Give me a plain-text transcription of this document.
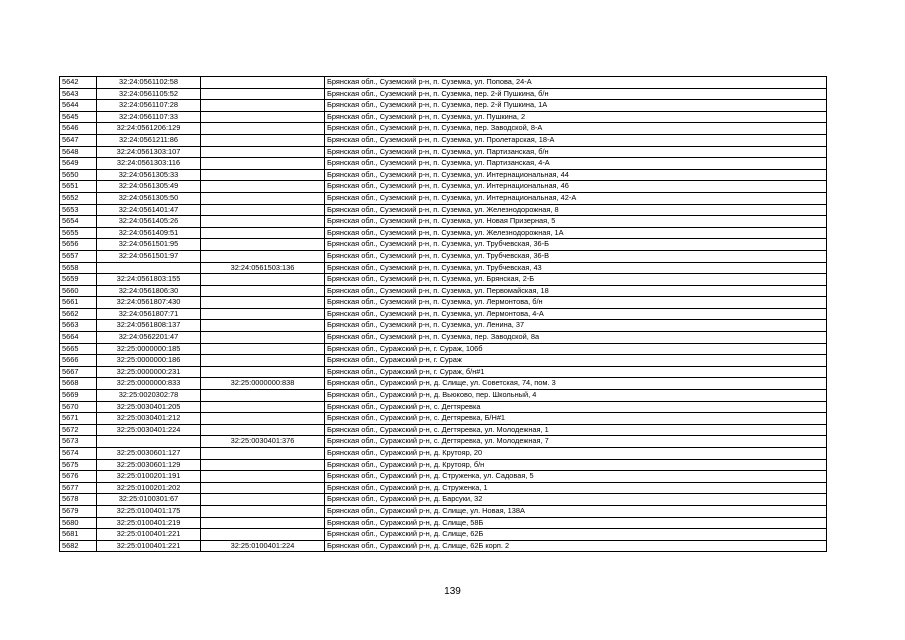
5642	32:24:0561102:58		Брянская обл., Суземский р-н, п. Суземка, ул. Попова, 24-А
5643	32:24:0561105:52		Брянская обл., Суземский р-н, п. Суземка, пер. 2-й Пушкина, б/н
5644	32:24:0561107:28		Брянская обл., Суземский р-н, п. Суземка, пер. 2-й Пушкина, 1А
5645	32:24:0561107:33		Брянская обл., Суземский р-н, п. Суземка, ул. Пушкина, 2
5646	32:24:0561206:129		Брянская обл., Суземский р-н, п. Суземка, пер. Заводской, 8-А
5647	32:24:0561211:86		Брянская обл., Суземский р-н, п. Суземка, ул. Пролетарская, 18-А
5648	32:24:0561303:107		Брянская обл., Суземский р-н, п. Суземка, ул. Партизанская, б/н
5649	32:24:0561303:116		Брянская обл., Суземский р-н, п. Суземка, ул. Партизанская, 4-А
5650	32:24:0561305:33		Брянская обл., Суземский р-н, п. Суземка, ул. Интернациональная, 44
5651	32:24:0561305:49		Брянская обл., Суземский р-н, п. Суземка, ул. Интернациональная, 46
5652	32:24:0561305:50		Брянская обл., Суземский р-н, п. Суземка, ул. Интернациональная, 42-А
5653	32:24:0561401:47		Брянская обл., Суземский р-н, п. Суземка, ул. Железнодорожная, 8
5654	32:24:0561405:26		Брянская обл., Суземский р-н, п. Суземка, ул. Новая Призерная, 5
5655	32:24:0561409:51		Брянская обл., Суземский р-н, п. Суземка, ул. Железнодорожная, 1А
5656	32:24:0561501:95		Брянская обл., Суземский р-н, п. Суземка, ул. Трубчевская, 36-Б
5657	32:24:0561501:97		Брянская обл., Суземский р-н, п. Суземка, ул. Трубчевская, 36-В
5658		32:24:0561503:136	Брянская обл., Суземский р-н, п. Суземка, ул. Трубчевская, 43
5659	32:24:0561803:155		Брянская обл., Суземский р-н, п. Суземка, ул. Брянская, 2-Б
5660	32:24:0561806:30		Брянская обл., Суземский р-н, п. Суземка, ул. Первомайская, 18
5661	32:24:0561807:430		Брянская обл., Суземский р-н, п. Суземка, ул. Лермонтова, б/н
5662	32:24:0561807:71		Брянская обл., Суземский р-н, п. Суземка, ул. Лермонтова, 4-А
5663	32:24:0561808:137		Брянская обл., Суземский р-н, п. Суземка, ул. Ленина, 37
5664	32:24:0562201:47		Брянская обл., Суземский р-н, п. Суземка, пер. Заводской, 8а
5665	32:25:0000000:185		Брянская обл., Суражский р-н, г. Сураж, 106б
5666	32:25:0000000:186		Брянская обл., Суражский р-н, г. Сураж
5667	32:25:0000000:231		Брянская обл., Суражский р-н, г. Сураж, б/н#1
5668	32:25:0000000:833	32:25:0000000:838	Брянская обл., Суражский р-н, д. Слище, ул. Советская, 74, пом. 3
5669	32:25:0020302:78		Брянская обл., Суражский р-н, д. Вьюково, пер. Школьный, 4
5670	32:25:0030401:205		Брянская обл., Суражский р-н, с. Дегтяревка
5671	32:25:0030401:212		Брянская обл., Суражский р-н, с. Дегтяревка, Б/Н#1
5672	32:25:0030401:224		Брянская обл., Суражский р-н, с. Дегтяревка, ул. Молодежная, 1
5673		32:25:0030401:376	Брянская обл., Суражский р-н, с. Дегтяревка, ул. Молодежная, 7
5674	32:25:0030601:127		Брянская обл., Суражский р-н, д. Крутояр, 20
5675	32:25:0030601:129		Брянская обл., Суражский р-н, д. Крутояр, б/н
5676	32:25:0100201:191		Брянская обл., Суражский р-н, д. Струженка, ул. Садовая, 5
5677	32:25:0100201:202		Брянская обл., Суражский р-н, д. Струженка, 1
5678	32:25:0100301:67		Брянская обл., Суражский р-н, д. Барсуки, 32
5679	32:25:0100401:175		Брянская обл., Суражский р-н, д. Слище, ул. Новая, 138А
5680	32:25:0100401:219		Брянская обл., Суражский р-н, д. Слище, 58Б
5681	32:25:0100401:221		Брянская обл., Суражский р-н, д. Слище, 62Б
5682	32:25:0100401:221	32:25:0100401:224	Брянская обл., Суражский р-н, д. Слище, 62Б корп. 2
139
